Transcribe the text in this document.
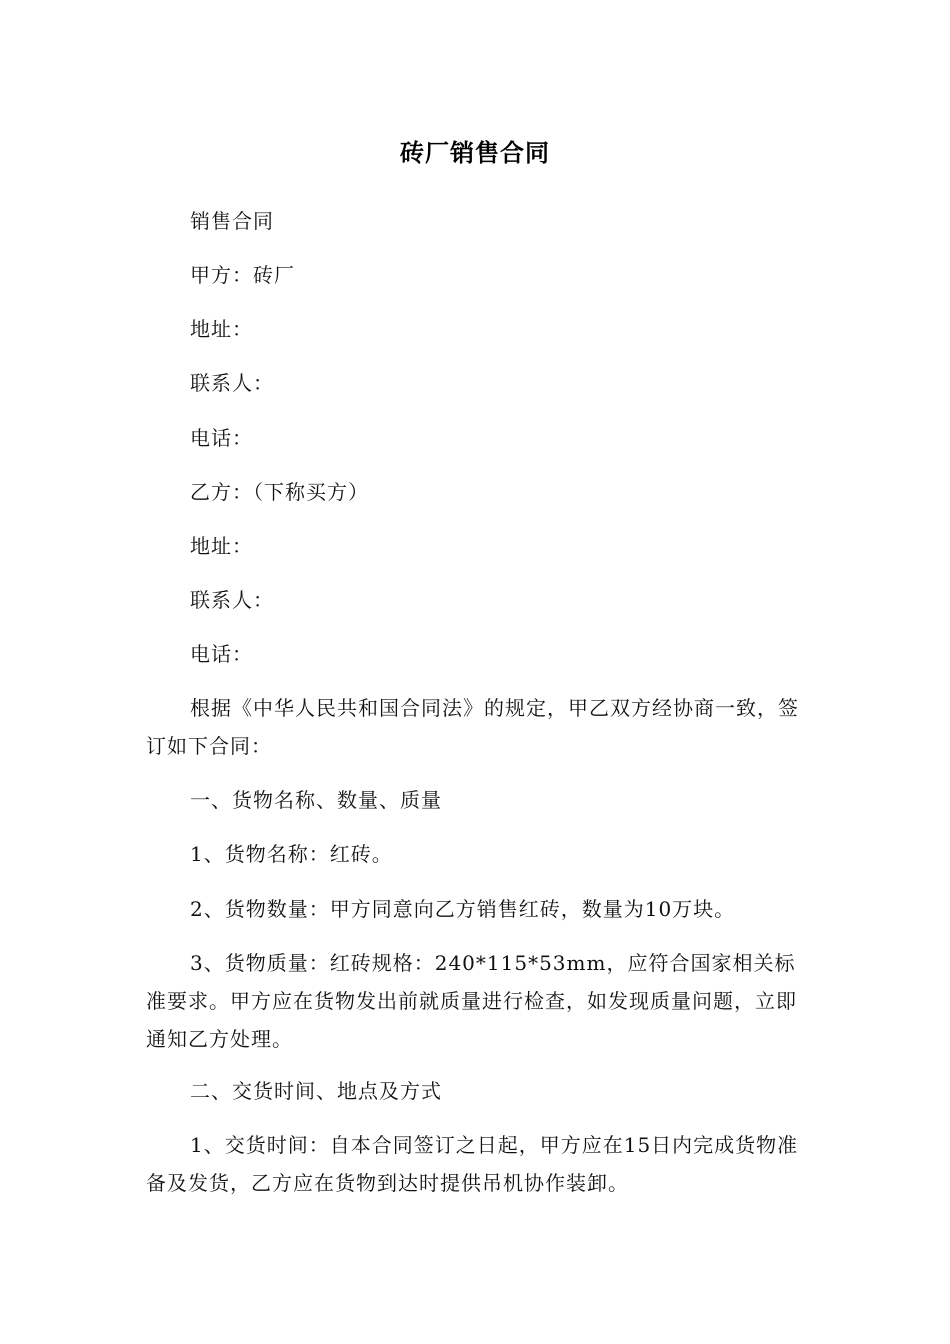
砖厂销售合同
销售合同
甲方：砖厂
地址：
联系人：
电话：
乙方：（下称买方）
地址：
联系人：
电话：
根据《中华人民共和国合同法》的规定，甲乙双方经协商一致，签订如下合同：
一、货物名称、数量、质量
1、货物名称：红砖。
2、货物数量：甲方同意向乙方销售红砖，数量为10万块。
3、货物质量：红砖规格：240*115*53mm，应符合国家相关标准要求。甲方应在货物发出前就质量进行检查，如发现质量问题，立即通知乙方处理。
二、交货时间、地点及方式
1、交货时间：自本合同签订之日起，甲方应在15日内完成货物准备及发货，乙方应在货物到达时提供吊机协作装卸。
